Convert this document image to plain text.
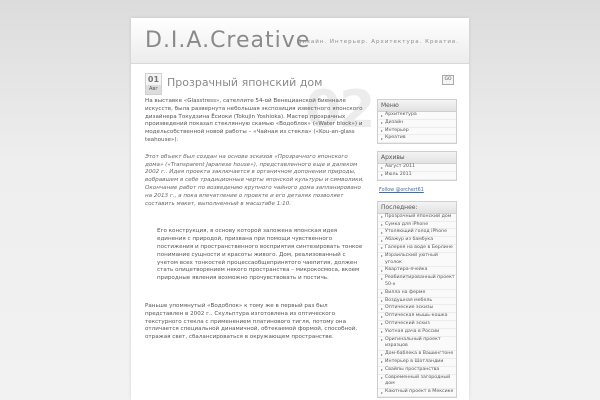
D.I.A.Creative
Дизайн. Интерьер. Архитектура. Креатив.
02
01
Авг Прозрачный японский дом	GO

На выставке «Glasstress», сателлите 54-ой Венецианской биеннале искусств, была развернута небольшая экспозиция известного японского дизайнера Токудзина Ёсиоки (Tokujin Yoshioka). Мастер прозрачных произведений показал стеклянную скамью «Водоблок» («Water block») и модельсобственной новой работы – «Чайная из стекла» («Kou-an-glass teahouse»).

Этот объект был создан на основе эскизов «Прозрачного японского дома» («Transparent Japanese house»), представленного еще в далеком 2002 г.. Идея проекта заключается в органичном допонении природы, вобравшем в себе традиционные черты японской культуры и символики. Окончание работ по возведению крупного чайного дома запланировано на 2013 г., а пока впечатление о проекте и его деталях позволяет составить макет, выполненный в масштабе 1:10.

Его конструкция, в основу которой заложена японская идея единения с природой, призвана при помощи чувственного постижения и пространственного восприятия синтезировать тонкое понимание сущности и красоты живого. Дом, реализованный с учетом всех тонкостей процессаобщепринятого чаепития, должен стать олицетворением некого пространства – микрокосмоса, вкоем природные явления возможно прочувствовать и постичь.

Раньше упомянутый «Водоблок» к тому же в первый раз был представлен в 2002 г.. Скульптура изготовлена из оптического текстурного стекла с применением платинового тигля, потому она отличается специальной динамичной, обтекаемой формой, способной, отражая свет, сбалансироваться в окружающем пространстве.

Меню
Архитектура
Дизайн
Интерьер
Креатив
Архивы
Август 2011
Июль 2011
Follow @orchert61
Последнее:
Прозрачный японский дом
Сумка для iPhone
Утоляющий голод iPhone
Абажур из бамбука
Галерея на воде в Берлине
Израильский уютный уголок
Квартира-ячейка
Реабилитированный проект 50-х
Вилла на фермe
Воздушная мебель
Оптические эскизы
Оптическая мышь-кошка
Оптический эскиз
Уютная дача в России
Оригинальный проект изразцов
Дом-баблека в Вашингтоне
Интерьер в Шотландии
Свайпы пространства
Современный загородный дом
Каютный проект в Мексике
